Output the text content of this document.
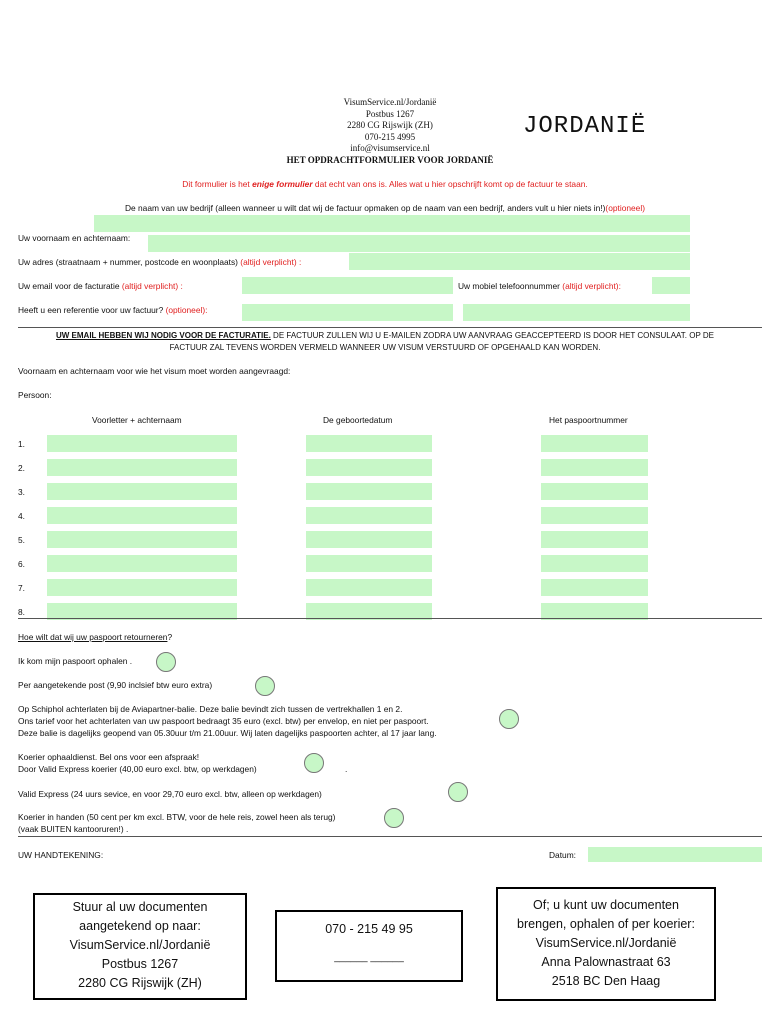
VisumService.nl/Jordanië
Postbus 1267
2280 CG Rijswijk (ZH)
070-215 4995
info@visumservice.nl
HET OPDRACHTFORMULIER VOOR JORDANIË
JORDANIË
Dit formulier is het enige formulier dat echt van ons is. Alles wat u hier opschrijft komt op de factuur te staan.
De naam van uw bedrijf (alleen wanneer u wilt dat wij de factuur opmaken op de naam van een bedrijf, anders vult u hier niets in!)(optioneel)
Uw voornaam en achternaam:
Uw adres (straatnaam + nummer, postcode en woonplaats) (altijd verplicht) :
Uw email voor de facturatie (altijd verplicht) :	Uw mobiel telefoonnummer (altijd verplicht):
Heeft u een referentie voor uw factuur? (optioneel):
UW EMAIL HEBBEN WIJ NODIG VOOR DE FACTURATIE. DE FACTUUR ZULLEN WIJ U E-MAILEN ZODRA UW AANVRAAG GEACCEPTEERD IS DOOR HET CONSULAAT. OP DE
FACTUUR ZAL TEVENS WORDEN VERMELD WANNEER UW VISUM VERSTUURD OF OPGEHAALD KAN WORDEN.
Voornaam en achternaam voor wie het visum moet worden aangevraagd:
Persoon:
Voorletter + achternaam	De geboortedatum	Het paspoortnummer
1.
2.
3.
4.
5.
6.
7.
8.
Hoe wilt dat wij uw paspoort retourneren?
Ik kom mijn paspoort ophalen .
Per aangetekende post (9,90 inclsief btw euro extra)
Op Schiphol achterlaten bij de Aviapartner-balie. Deze balie bevindt zich tussen de vertrekhallen 1 en 2.
Ons tarief voor het achterlaten van uw paspoort bedraagt 35 euro (excl. btw) per envelop, en niet per paspoort.
Deze balie is dagelijks geopend van 05.30uur t/m 21.00uur. Wij laten dagelijks paspoorten achter, al 17 jaar lang.
Koerier ophaaldienst. Bel ons voor een afspraak!
Door Valid Express koerier (40,00 euro excl. btw, op werkdagen)	.
Valid Express (24 uurs sevice, en voor 29,70 euro excl. btw, alleen op werkdagen)
Koerier in handen (50 cent per km excl. BTW, voor de hele reis, zowel heen als terug)
(vaak BUITEN kantooruren!) .
UW HANDTEKENING:	Datum:
Stuur al uw documenten
aangetekend op naar:
VisumService.nl/Jordanië
Postbus 1267
2280 CG Rijswijk (ZH)
070 - 215 49 95
______ ______
Of; u kunt uw documenten
brengen, ophalen of per koerier:
VisumService.nl/Jordanië
Anna Palownastraat 63
2518 BC Den Haag
